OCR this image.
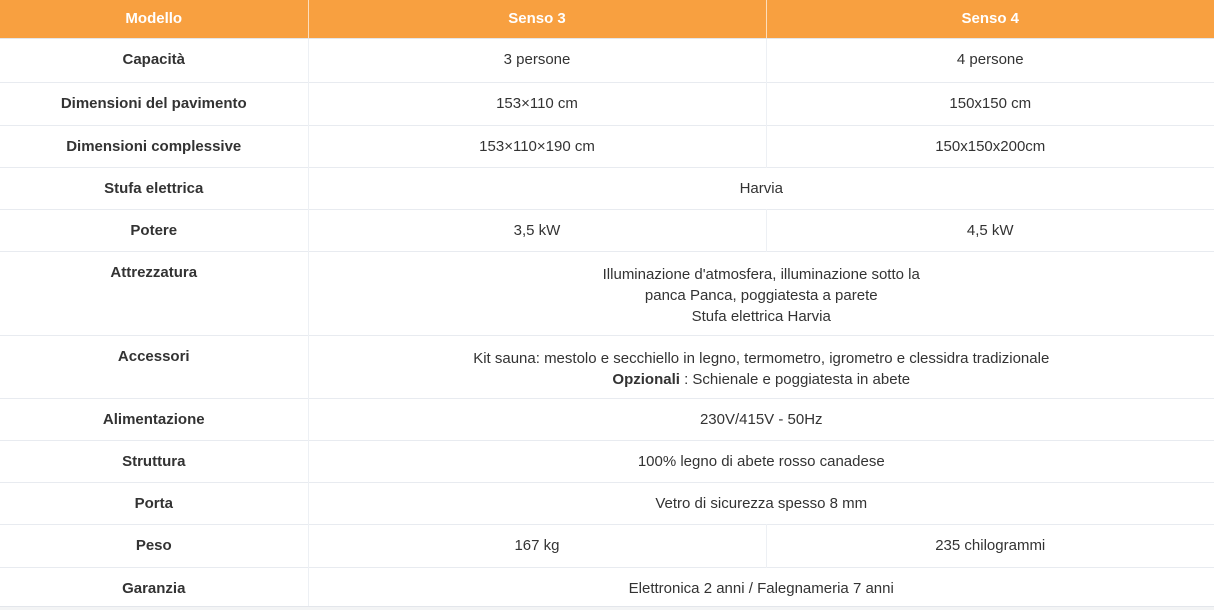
Modello	Senso 3	Senso 4
Capacità	3 persone	4 persone
Dimensioni del pavimento	153×110 cm	150x150 cm
Dimensioni complessive	153×110×190 cm	150x150x200cm
Stufa elettrica	Harvia	
Potere	3,5 kW	4,5 kW
Attrezzatura	Illuminazione d'atmosfera, illuminazione sotto la
panca Panca, poggiatesta a parete
Stufa elettrica Harvia	

Accessori	Kit sauna: mestolo e secchiello in legno, termometro, igrometro e clessidra tradizionale
Opzionali : Schienale e poggiatesta in abete	

Alimentazione	230V/415V - 50Hz	
Struttura	100% legno di abete rosso canadese	
Porta	Vetro di sicurezza spesso 8 mm	
Peso	167 kg	235 chilogrammi
Garanzia	Elettronica 2 anni / Falegnameria 7 anni	
